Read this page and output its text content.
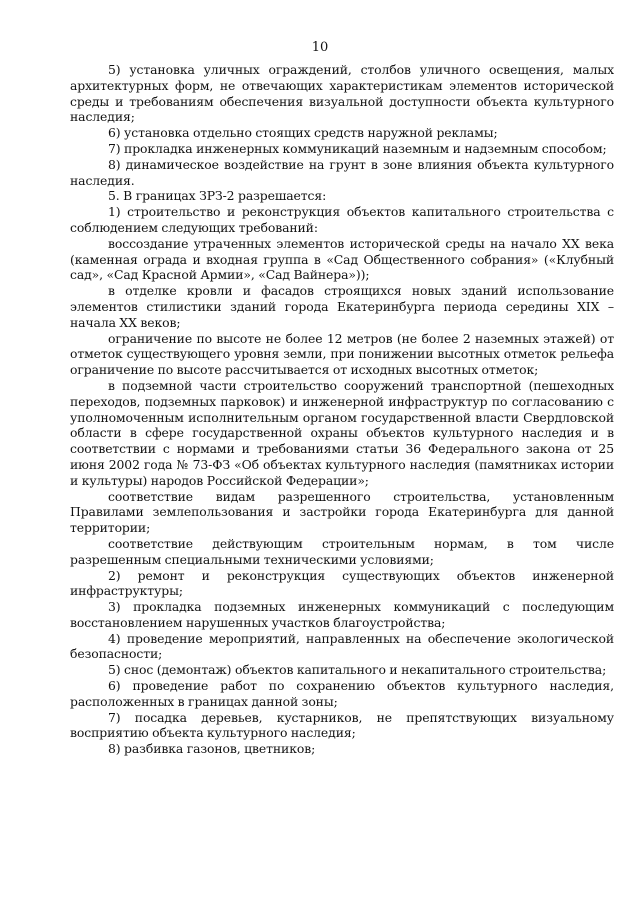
10

5) установка уличных ограждений, столбов уличного освещения, малых архитектурных форм, не отвечающих характеристикам элементов исторической среды и требованиям обеспечения визуальной доступности объекта культурного наследия;

6) установка отдельно стоящих средств наружной рекламы;

7) прокладка инженерных коммуникаций наземным и надземным способом;

8) динамическое воздействие на грунт в зоне влияния объекта культурного наследия.

5. В границах ЗРЗ-2 разрешается:

1) строительство и реконструкция объектов капитального строительства с соблюдением следующих требований:

воссоздание утраченных элементов исторической среды на начало XX века (каменная ограда и входная группа в «Сад Общественного собрания» («Клубный сад», «Сад Красной Армии», «Сад Вайнера»));

в отделке кровли и фасадов строящихся новых зданий использование элементов стилистики зданий города Екатеринбурга периода середины XIX – начала XX веков;

ограничение по высоте не более 12 метров (не более 2 наземных этажей) от отметок существующего уровня земли, при понижении высотных отметок рельефа ограничение по высоте рассчитывается от исходных высотных отметок;

в подземной части строительство сооружений транспортной (пешеходных переходов, подземных парковок) и инженерной инфраструктур по согласованию с уполномоченным исполнительным органом государственной власти Свердловской области в сфере государственной охраны объектов культурного наследия и в соответствии с нормами и требованиями статьи 36 Федерального закона от 25 июня 2002 года № 73-ФЗ «Об объектах культурного наследия (памятниках истории и культуры) народов Российской Федерации»;

соответствие видам разрешенного строительства, установленным Правилами землепользования и застройки города Екатеринбурга для данной территории;

соответствие действующим строительным нормам, в том числе разрешенным специальными техническими условиями;

2) ремонт и реконструкция существующих объектов инженерной инфраструктуры;

3) прокладка подземных инженерных коммуникаций с последующим восстановлением нарушенных участков благоустройства;

4) проведение мероприятий, направленных на обеспечение экологической безопасности;

5) снос (демонтаж) объектов капитального и некапитального строительства;

6) проведение работ по сохранению объектов культурного наследия, расположенных в границах данной зоны;

7) посадка деревьев, кустарников, не препятствующих визуальному восприятию объекта культурного наследия;

8) разбивка газонов, цветников;
